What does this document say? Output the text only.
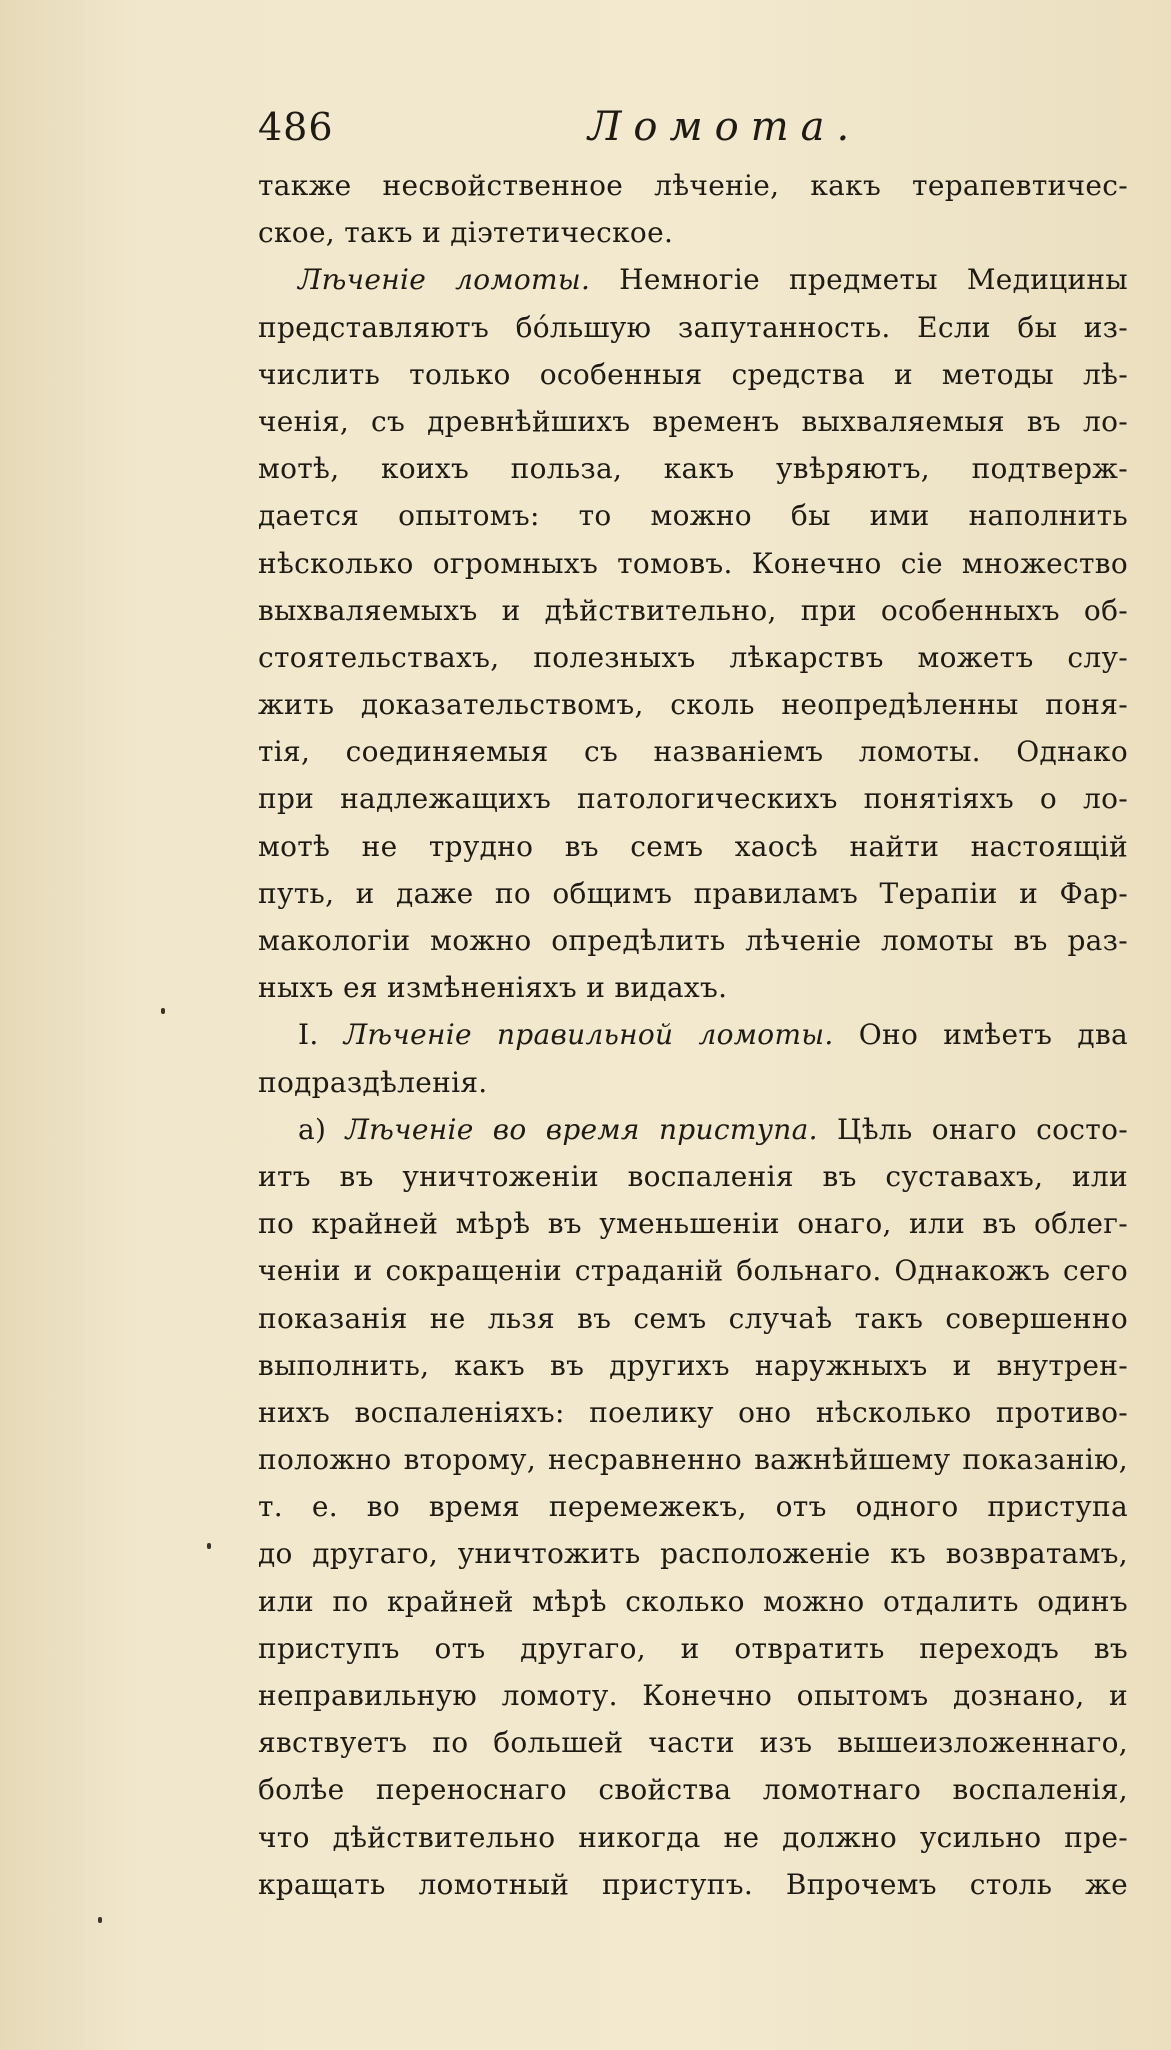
486	Ломота.
также несвойственное лѣченіе, какъ терапевтичес-
ское, такъ и діэтетическое.
Лѣченіе ломоты. Немногіе предметы Медицины
представляютъ бо́льшую запутанность. Если бы из-
числить только особенныя средства и методы лѣ-
ченія, съ древнѣйшихъ временъ выхваляемыя въ ло-
мотѣ, коихъ польза, какъ увѣряютъ, подтверж-
дается опытомъ: то можно бы ими наполнить
нѣсколько огромныхъ томовъ. Конечно сіе множество
выхваляемыхъ и дѣйствительно, при особенныхъ об-
стоятельствахъ, полезныхъ лѣкарствъ можетъ слу-
жить доказательствомъ, сколь неопредѣленны поня-
тія, соединяемыя съ названіемъ ломоты. Однако
при надлежащихъ патологическихъ понятіяхъ о ло-
мотѣ не трудно въ семъ хаосѣ найти настоящій
путь, и даже по общимъ правиламъ Терапіи и Фар-
макологіи можно опредѣлить лѣченіе ломоты въ раз-
ныхъ ея измѣненіяхъ и видахъ.
I. Лѣченіе правильной ломоты. Оно имѣетъ два
подраздѣленія.
а) Лѣченіе во время приступа. Цѣль онаго состо-
итъ въ уничтоженіи воспаленія въ суставахъ, или
по крайней мѣрѣ въ уменьшеніи онаго, или въ облег-
ченіи и сокращеніи страданій больнаго. Однакожъ сего
показанія не льзя въ семъ случаѣ такъ совершенно
выполнить, какъ въ другихъ наружныхъ и внутрен-
нихъ воспаленіяхъ: поелику оно нѣсколько противо-
положно второму, несравненно важнѣйшему показанію,
т. е. во время перемежекъ, отъ одного приступа
до другаго, уничтожить расположеніе къ возвратамъ,
или по крайней мѣрѣ сколько можно отдалить одинъ
приступъ отъ другаго, и отвратить переходъ въ
неправильную ломоту. Конечно опытомъ дознано, и
явствуетъ по большей части изъ вышеизложеннаго,
болѣе переноснаго свойства ломотнаго воспаленія,
что дѣйствительно никогда не должно усильно пре-
кращать ломотный приступъ. Впрочемъ столь же
